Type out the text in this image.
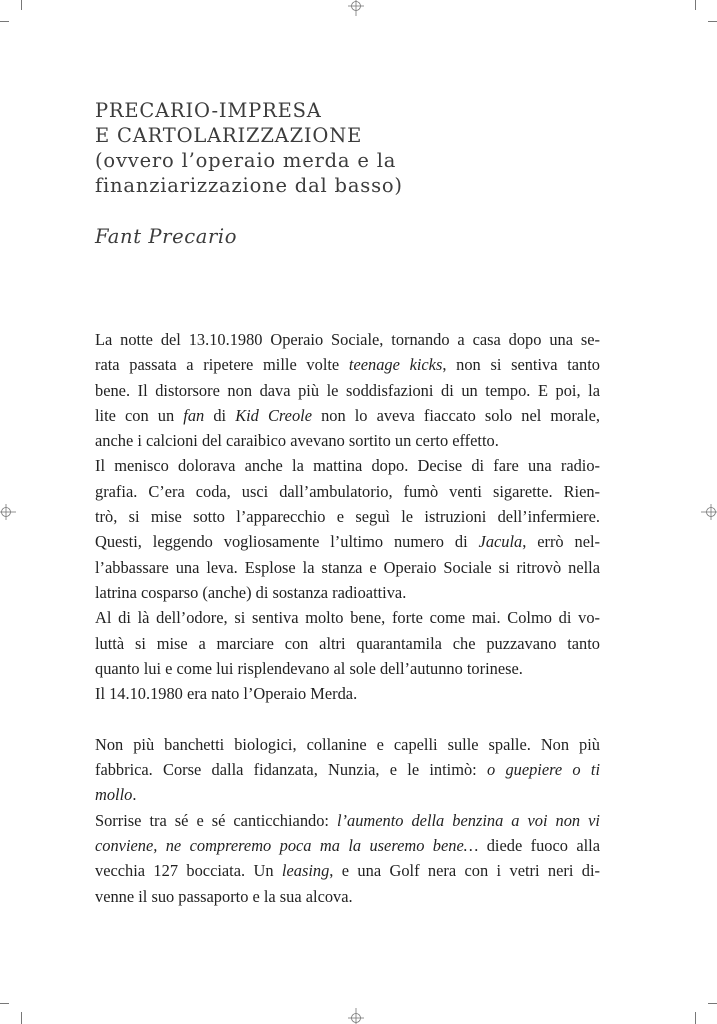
PRECARIO-IMPRESA
E CARTOLARIZZAZIONE
(ovvero l’operaio merda e la
finanziarizzazione dal basso)

Fant Precario

La notte del 13.10.1980 Operaio Sociale, tornando a casa dopo una se-
rata passata a ripetere mille volte teenage kicks, non si sentiva tanto
bene. Il distorsore non dava più le soddisfazioni di un tempo. E poi, la
lite con un fan di Kid Creole non lo aveva fiaccato solo nel morale,
anche i calcioni del caraibico avevano sortito un certo effetto.
Il menisco dolorava anche la mattina dopo. Decise di fare una radio-
grafia. C’era coda, usci dall’ambulatorio, fumò venti sigarette. Rien-
trò, si mise sotto l’apparecchio e seguì le istruzioni dell’infermiere.
Questi, leggendo vogliosamente l’ultimo numero di Jacula, errò nel-
l’abbassare una leva. Esplose la stanza e Operaio Sociale si ritrovò nella
latrina cosparso (anche) di sostanza radioattiva.
Al di là dell’odore, si sentiva molto bene, forte come mai. Colmo di vo-
luttà si mise a marciare con altri quarantamila che puzzavano tanto
quanto lui e come lui risplendevano al sole dell’autunno torinese.
Il 14.10.1980 era nato l’Operaio Merda.
Non più banchetti biologici, collanine e capelli sulle spalle. Non più
fabbrica. Corse dalla fidanzata, Nunzia, e le intimò: o guepiere o ti
mollo.
Sorrise tra sé e sé canticchiando: l’aumento della benzina a voi non vi
conviene, ne compreremo poca ma la useremo bene… diede fuoco alla
vecchia 127 bocciata. Un leasing, e una Golf nera con i vetri neri di-
venne il suo passaporto e la sua alcova.
